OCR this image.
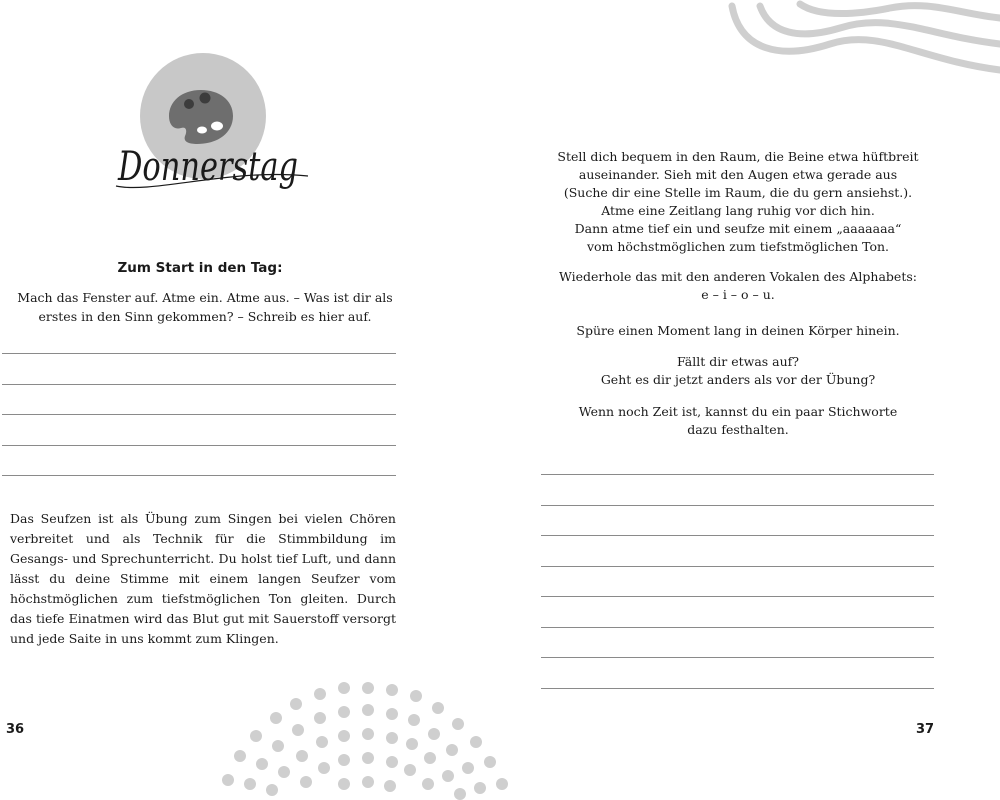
Donnerstag
Zum Start in den Tag:
Mach das Fenster auf. Atme ein. Atme aus. – Was ist dir als
erstes in den Sinn gekommen? – Schreib es hier auf.
Das Seufzen ist als Übung zum Singen bei vielen Chören verbreitet und als Technik für die Stimmbildung im Gesangs- und Sprechunterricht. Du holst tief Luft, und dann lässt du deine Stimme mit einem langen Seufzer vom höchstmöglichen zum tiefstmöglichen Ton gleiten. Durch das tiefe Einatmen wird das Blut gut mit Sauerstoff versorgt und jede Saite in uns kommt zum Klingen.
36
Stell dich bequem in den Raum, die Beine etwa hüftbreit
auseinander. Sieh mit den Augen etwa gerade aus
(Suche dir eine Stelle im Raum, die du gern ansiehst.).
Atme eine Zeitlang lang ruhig vor dich hin.
Dann atme tief ein und seufze mit einem „aaaaaaa“
vom höchstmöglichen zum tiefstmöglichen Ton.
Wiederhole das mit den anderen Vokalen des Alphabets:
e – i – o – u.
Spüre einen Moment lang in deinen Körper hinein.
Fällt dir etwas auf?
Geht es dir jetzt anders als vor der Übung?
Wenn noch Zeit ist, kannst du ein paar Stichworte
dazu festhalten.
37
